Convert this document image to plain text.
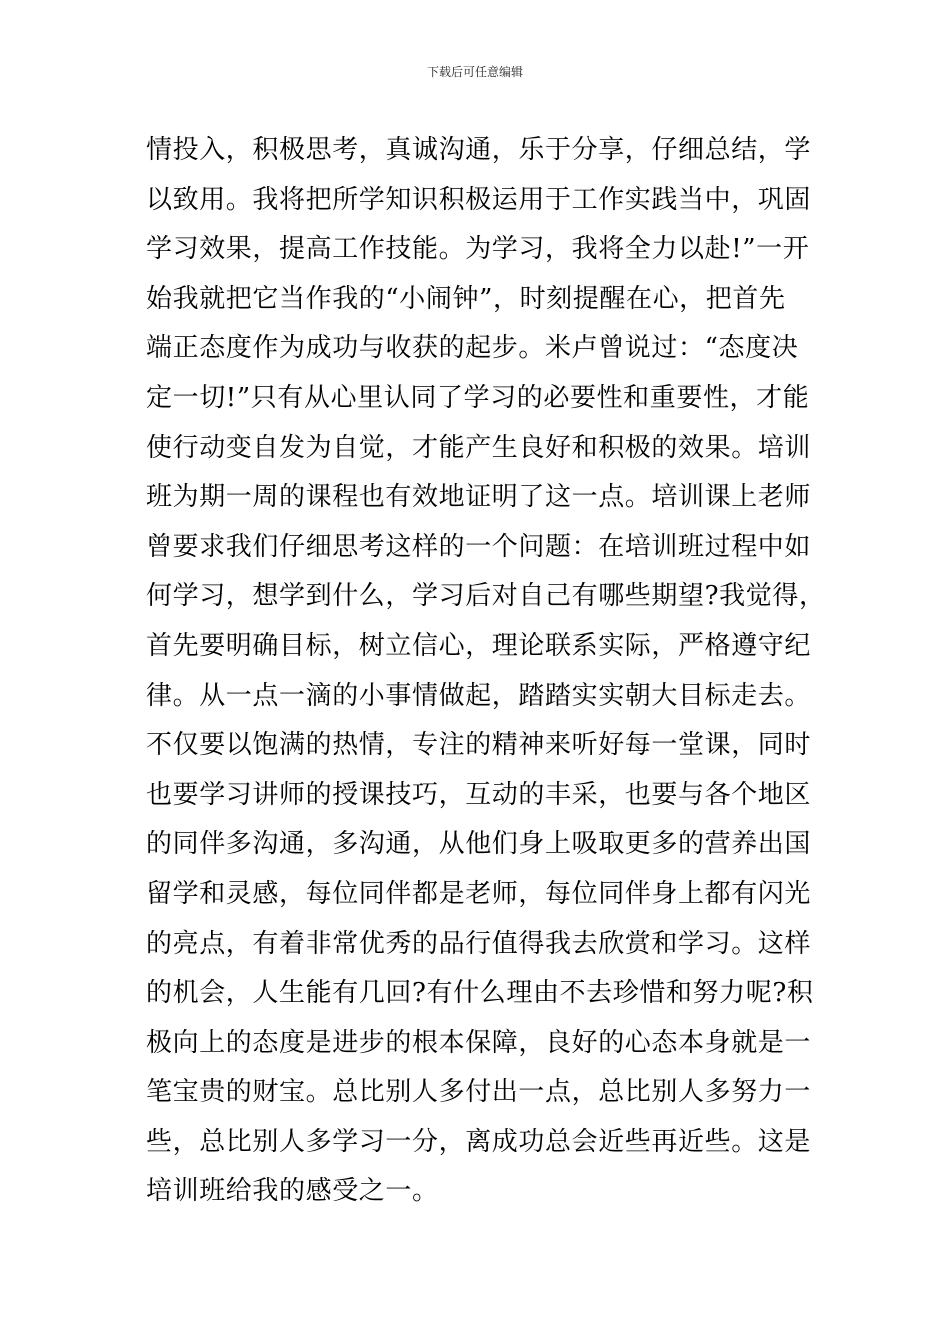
下载后可任意编辑
情投入，积极思考，真诚沟通，乐于分享，仔细总结，学
以致用。我将把所学知识积极运用于工作实践当中，巩固
学习效果，提高工作技能。为学习，我将全力以赴!”一开
始我就把它当作我的“小闹钟”，时刻提醒在心，把首先
端正态度作为成功与收获的起步。米卢曾说过：“态度决
定一切!”只有从心里认同了学习的必要性和重要性，才能
使行动变自发为自觉，才能产生良好和积极的效果。培训
班为期一周的课程也有效地证明了这一点。培训课上老师
曾要求我们仔细思考这样的一个问题：在培训班过程中如
何学习，想学到什么，学习后对自己有哪些期望?我觉得，
首先要明确目标，树立信心，理论联系实际，严格遵守纪
律。从一点一滴的小事情做起，踏踏实实朝大目标走去。
不仅要以饱满的热情，专注的精神来听好每一堂课，同时
也要学习讲师的授课技巧，互动的丰采，也要与各个地区
的同伴多沟通，多沟通，从他们身上吸取更多的营养出国
留学和灵感，每位同伴都是老师，每位同伴身上都有闪光
的亮点，有着非常优秀的品行值得我去欣赏和学习。这样
的机会，人生能有几回?有什么理由不去珍惜和努力呢?积
极向上的态度是进步的根本保障，良好的心态本身就是一
笔宝贵的财宝。总比别人多付出一点，总比别人多努力一
些，总比别人多学习一分，离成功总会近些再近些。这是
培训班给我的感受之一。
